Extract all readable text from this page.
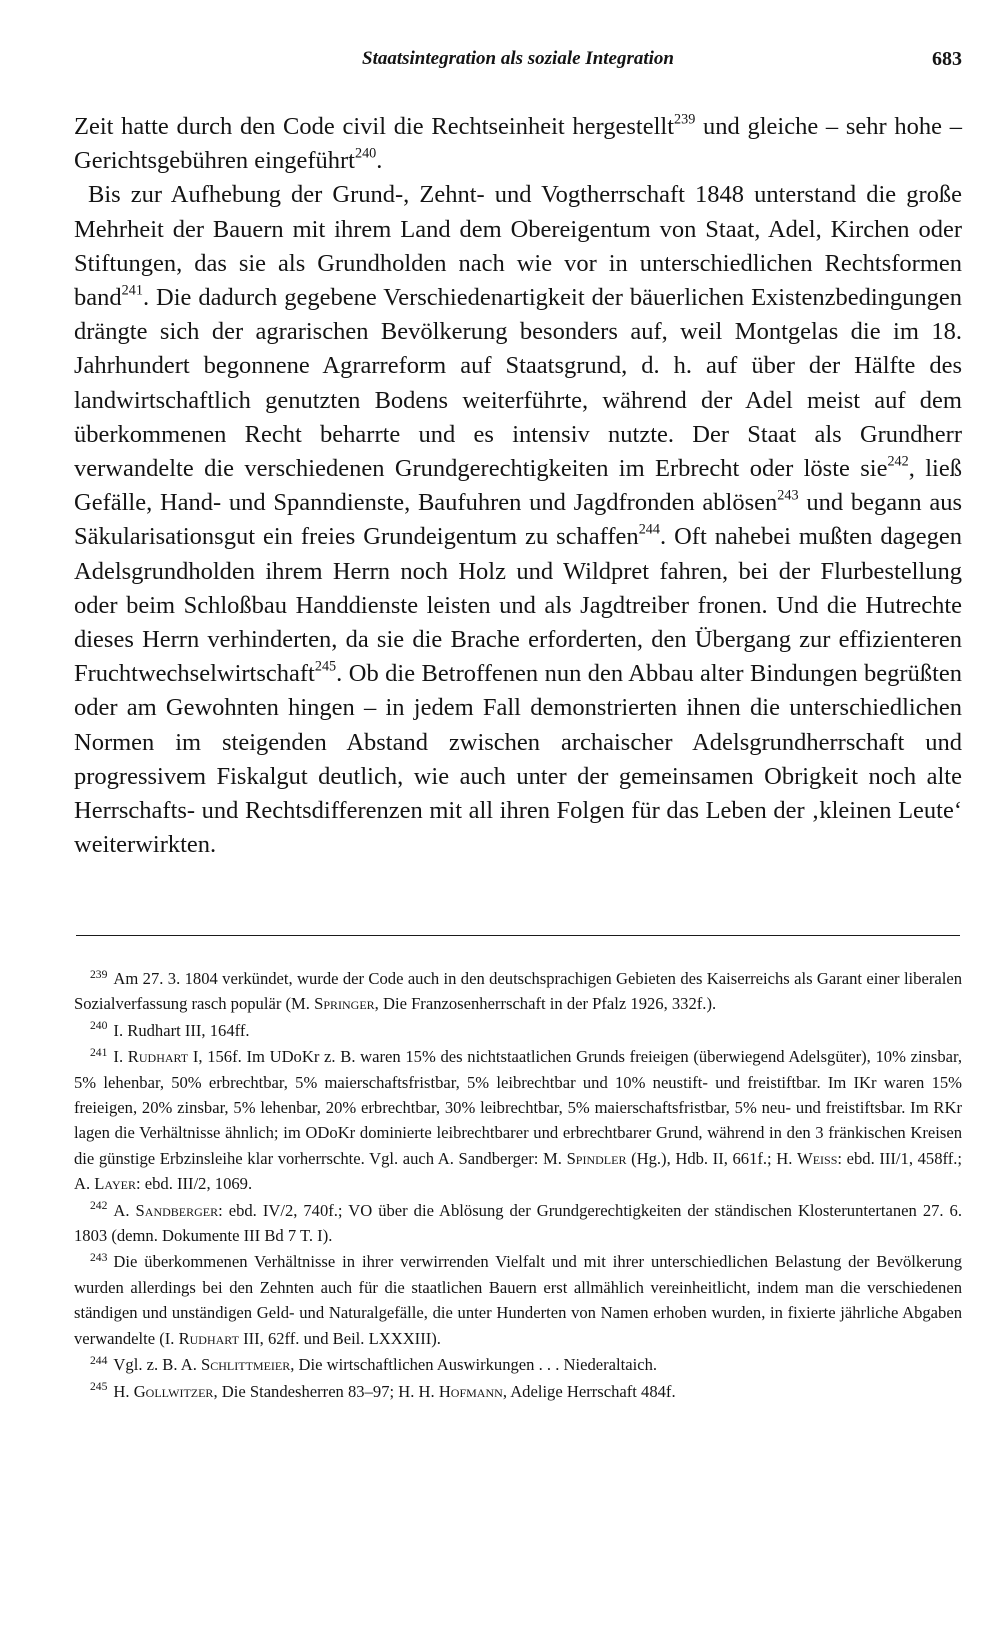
Staatsintegration als soziale Integration	683

Zeit hatte durch den Code civil die Rechtseinheit hergestellt$^{239}$ und gleiche – sehr hohe – Gerichtsgebühren eingeführt$^{240}$.

Bis zur Aufhebung der Grund-, Zehnt- und Vogtherrschaft 1848 unterstand die große Mehrheit der Bauern mit ihrem Land dem Obereigentum von Staat, Adel, Kirchen oder Stiftungen, das sie als Grundholden nach wie vor in unterschiedlichen Rechtsformen band$^{241}$. Die dadurch gegebene Verschiedenartigkeit der bäuerlichen Existenzbedingungen drängte sich der agrarischen Bevölkerung besonders auf, weil Montgelas die im 18. Jahrhundert begonnene Agrarreform auf Staatsgrund, d. h. auf über der Hälfte des landwirtschaftlich genutzten Bodens weiterführte, während der Adel meist auf dem überkommenen Recht beharrte und es intensiv nutzte. Der Staat als Grundherr verwandelte die verschiedenen Grundgerechtigkeiten im Erbrecht oder löste sie$^{242}$, ließ Gefälle, Hand- und Spanndienste, Baufuhren und Jagdfronden ablösen$^{243}$ und begann aus Säkularisationsgut ein freies Grundeigentum zu schaffen$^{244}$. Oft nahebei mußten dagegen Adelsgrundholden ihrem Herrn noch Holz und Wildpret fahren, bei der Flurbestellung oder beim Schloßbau Handdienste leisten und als Jagdtreiber fronen. Und die Hutrechte dieses Herrn verhinderten, da sie die Brache erforderten, den Übergang zur effizienteren Fruchtwechselwirtschaft$^{245}$. Ob die Betroffenen nun den Abbau alter Bindungen begrüßten oder am Gewohnten hingen – in jedem Fall demonstrierten ihnen die unterschiedlichen Normen im steigenden Abstand zwischen archaischer Adelsgrundherrschaft und progressivem Fiskalgut deutlich, wie auch unter der gemeinsamen Obrigkeit noch alte Herrschafts- und Rechtsdifferenzen mit all ihren Folgen für das Leben der ‚kleinen Leute‘ weiterwirkten.

$^{239}$ Am 27. 3. 1804 verkündet, wurde der Code auch in den deutschsprachigen Gebieten des Kaiserreichs als Garant einer liberalen Sozialverfassung rasch populär (M. Springer, Die Franzosenherrschaft in der Pfalz 1926, 332f.).

$^{240}$ I. Rudhart III, 164ff.

$^{241}$ I. Rudhart I, 156f. Im UDoKr z. B. waren 15% des nichtstaatlichen Grunds freieigen (überwiegend Adelsgüter), 10% zinsbar, 5% lehenbar, 50% erbrechtbar, 5% maierschaftsfristbar, 5% leibrechtbar und 10% neustift- und freistiftbar. Im IKr waren 15% freieigen, 20% zinsbar, 5% lehenbar, 20% erbrechtbar, 30% leibrechtbar, 5% maierschaftsfristbar, 5% neu- und freistiftsbar. Im RKr lagen die Verhältnisse ähnlich; im ODoKr dominierte leibrechtbarer und erbrechtbarer Grund, während in den 3 fränkischen Kreisen die günstige Erbzinsleihe klar vorherrschte. Vgl. auch A. Sandberger: M. Spindler (Hg.), Hdb. II, 661f.; H. Weiss: ebd. III/1, 458ff.; A. Layer: ebd. III/2, 1069.

$^{242}$ A. Sandberger: ebd. IV/2, 740f.; VO über die Ablösung der Grundgerechtigkeiten der ständischen Klosteruntertanen 27. 6. 1803 (demn. Dokumente III Bd 7 T. I).

$^{243}$ Die überkommenen Verhältnisse in ihrer verwirrenden Vielfalt und mit ihrer unterschiedlichen Belastung der Bevölkerung wurden allerdings bei den Zehnten auch für die staatlichen Bauern erst allmählich vereinheitlicht, indem man die verschiedenen ständigen und unständigen Geld- und Naturalgefälle, die unter Hunderten von Namen erhoben wurden, in fixierte jährliche Abgaben verwandelte (I. Rudhart III, 62ff. und Beil. LXXXIII).

$^{244}$ Vgl. z. B. A. Schlittmeier, Die wirtschaftlichen Auswirkungen . . . Niederaltaich.

$^{245}$ H. Gollwitzer, Die Standesherren 83–97; H. H. Hofmann, Adelige Herrschaft 484f.
